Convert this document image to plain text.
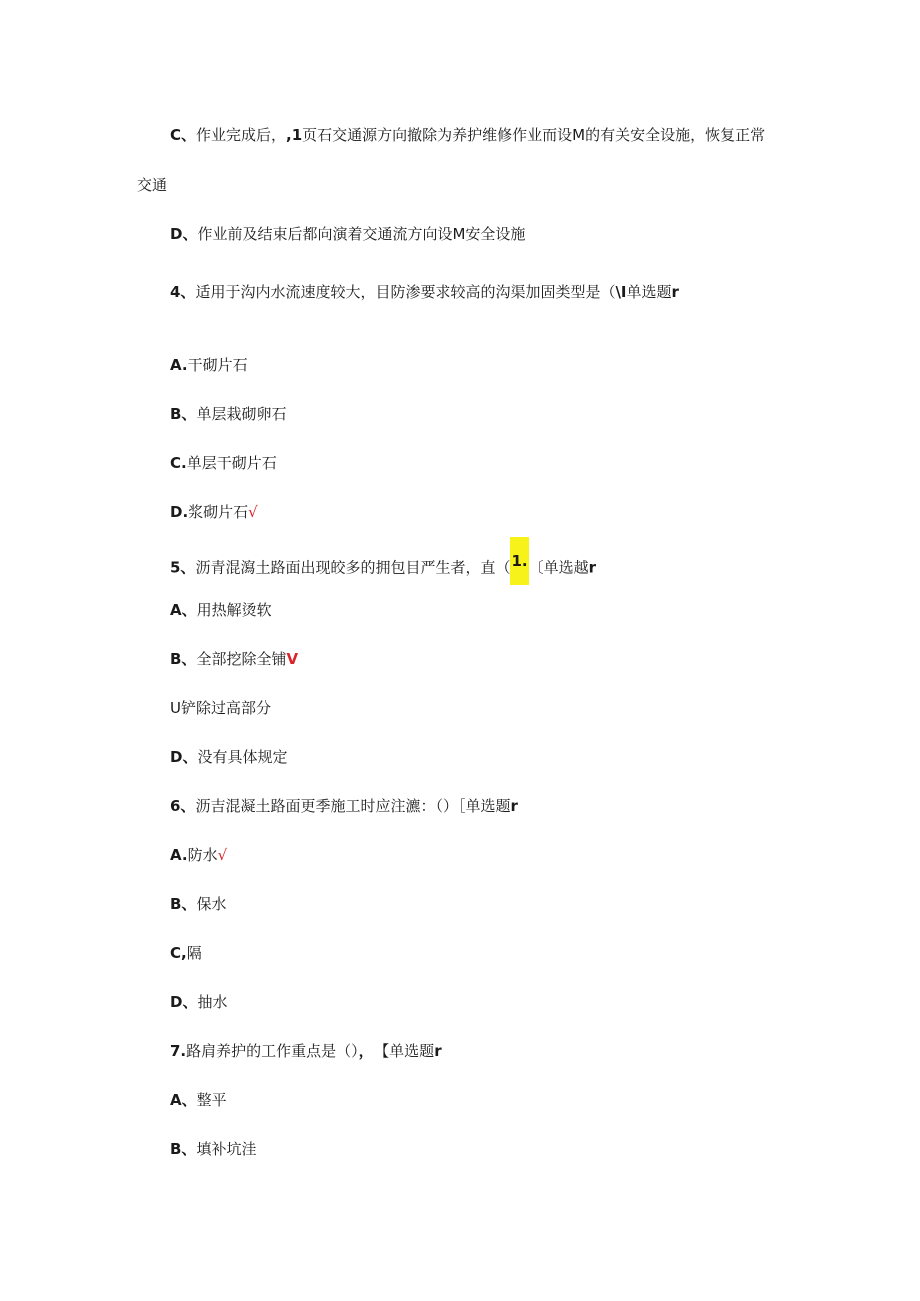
C、作业完成后，,1页石交通源方向撤除为养护维修作业而设M的有关安全设施，恢复正常
交通
D、作业前及结束后都向演着交通流方向设M安全设施
4、适用于沟内水流速度较大，目防渗要求较高的沟渠加固类型是（\I单选题r
A.干砌片石
B、单层栽砌卵石
C.单层干砌片石
D.浆砌片石√
5、沥青混瀉土路面出现皎多的拥包目严生者，直（1.〔单选越r
A、用热解烫软
B、全部挖除全铺V
U铲除过高部分
D、没有具体规定
6、沥吉混凝土路面更季施工时应注瀌：（）［单选题r
A.防水√
B、保水
C,隔
D、抽水
7.路肩养护的工作重点是（）， 【单选题r
A、整平
B、填补坑洼
